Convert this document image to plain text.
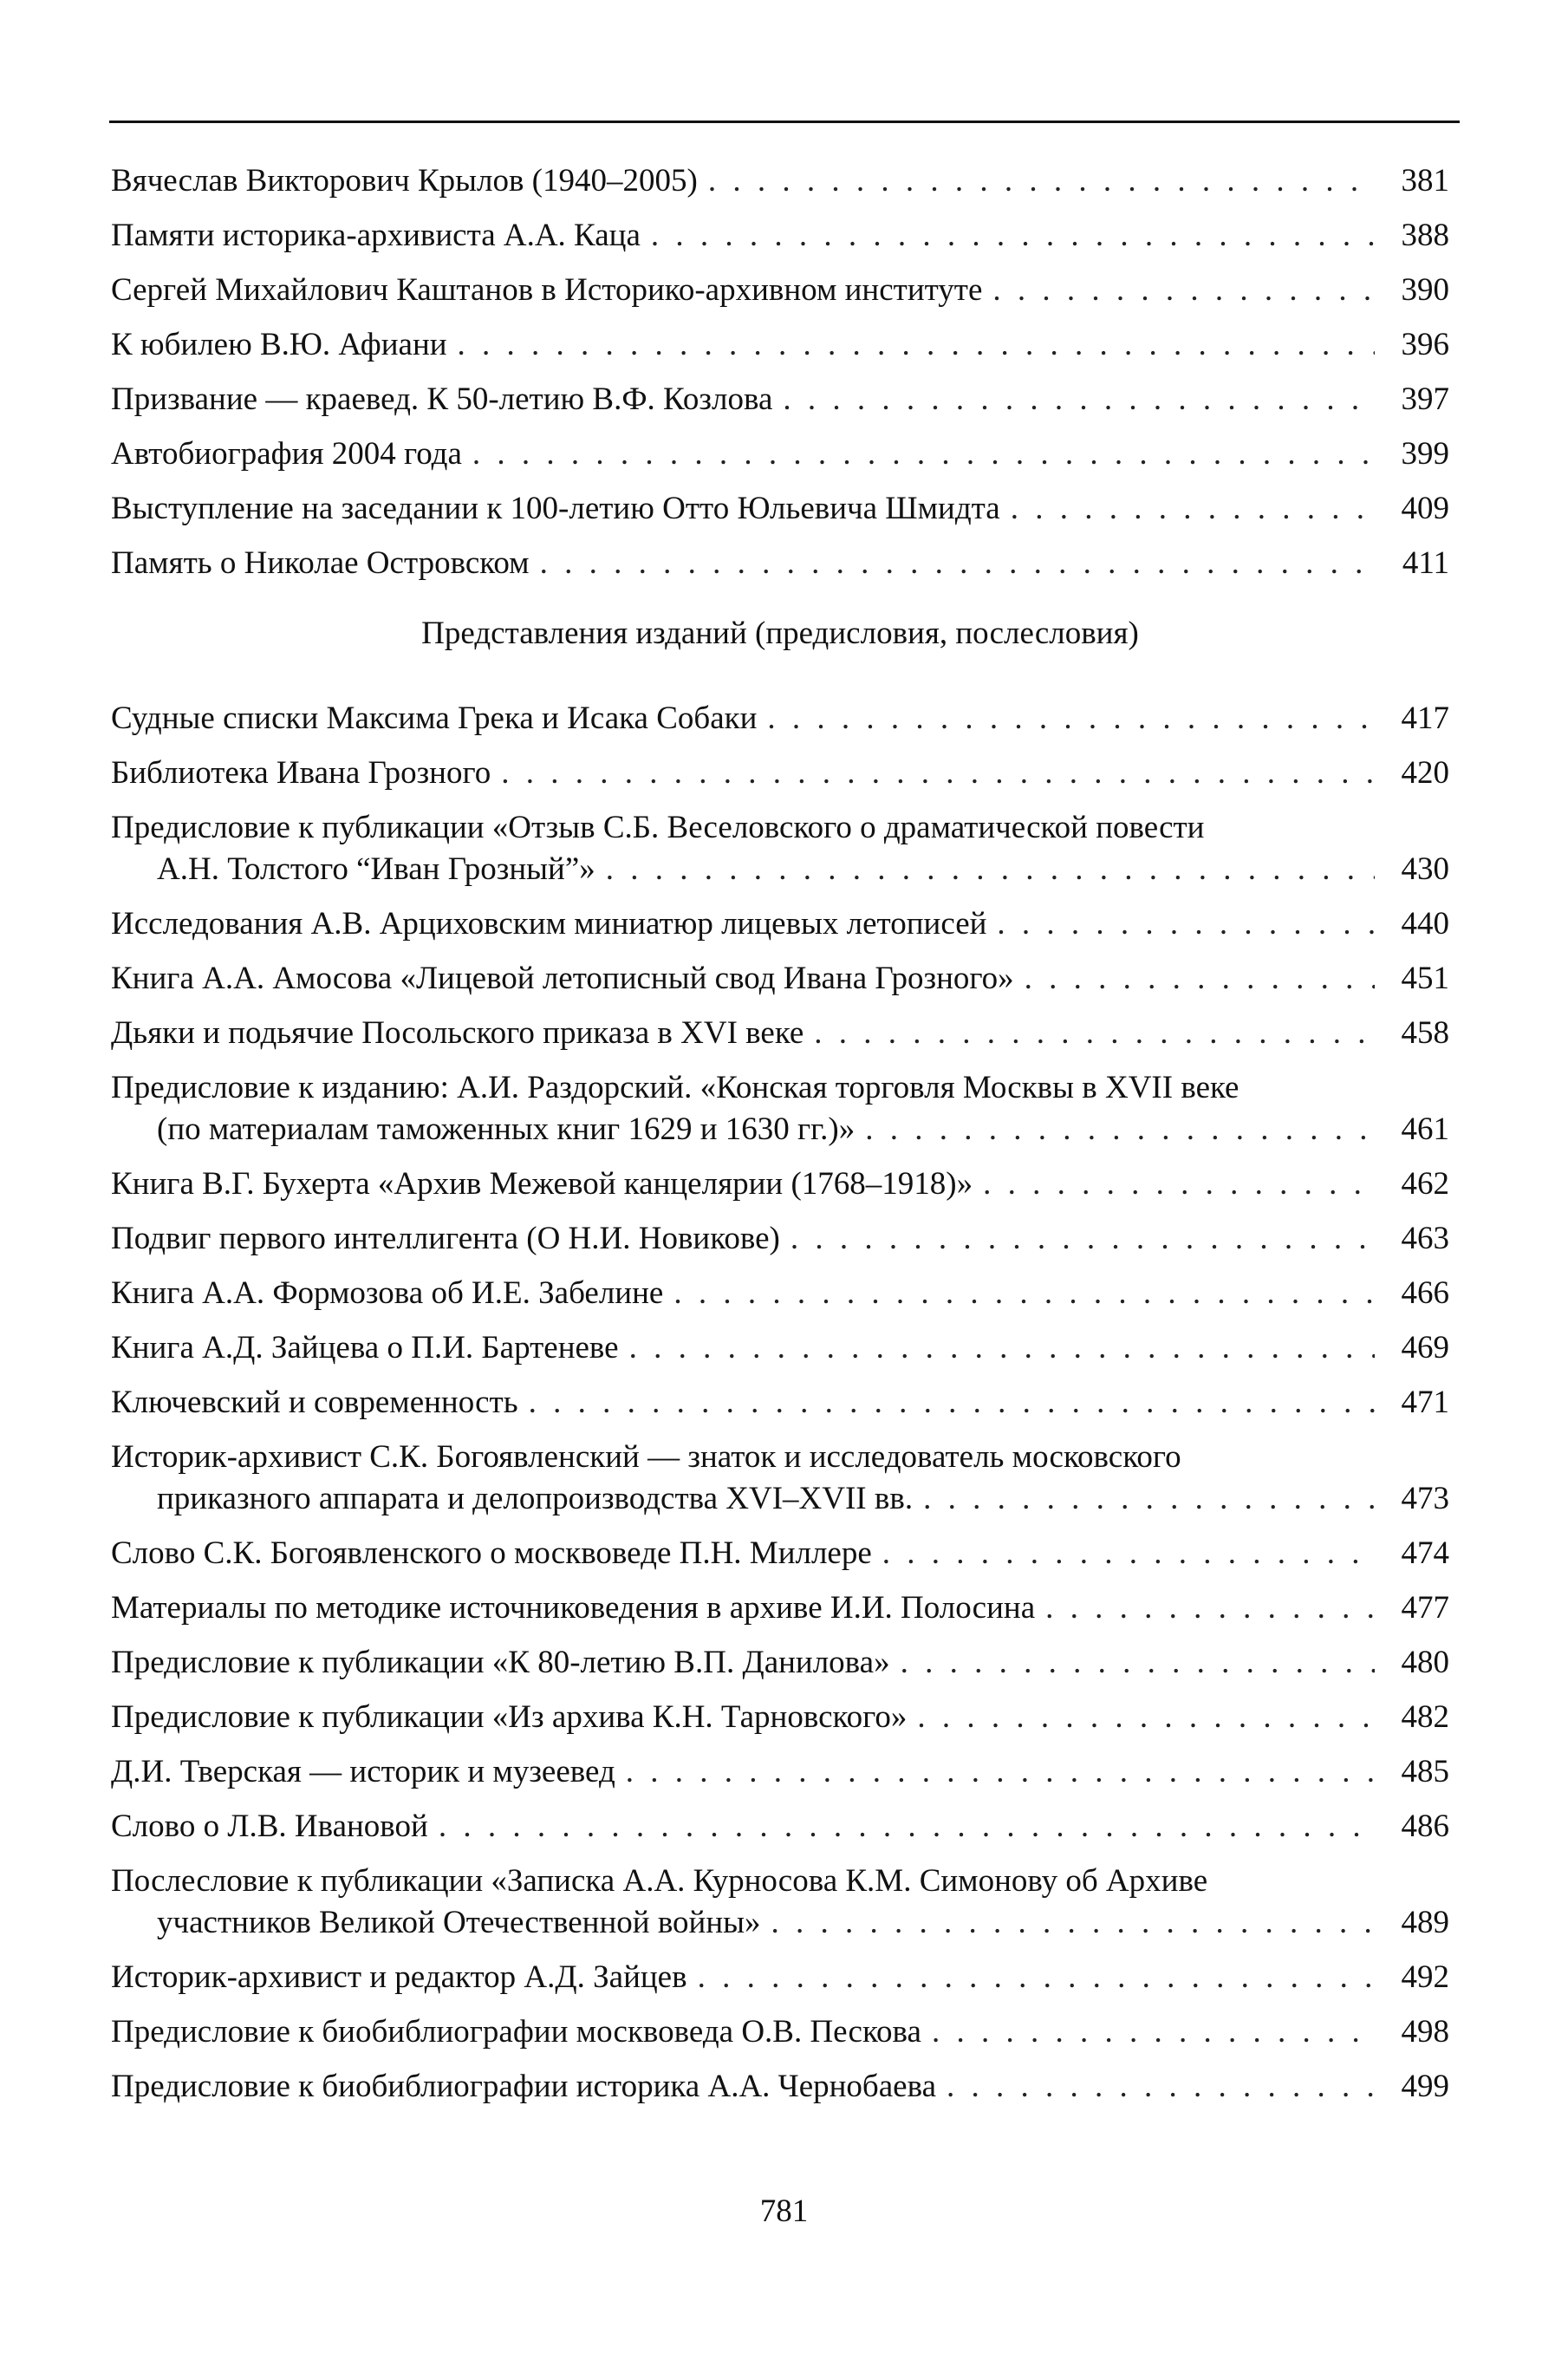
Вячеслав Викторович Крылов (1940–2005) . . .	381
Памяти историка-архивиста А.А. Каца . . .	388
Сергей Михайлович Каштанов в Историко-архивном институте . . .	390
К юбилею В.Ю. Афиани . . .	396
Призвание — краевед. К 50-летию В.Ф. Козлова . . .	397
Автобиография 2004 года . . .	399
Выступление на заседании к 100-летию Отто Юльевича Шмидта . . .	409
Память о Николае Островском . . .	411
Представления изданий (предисловия, послесловия)
Судные списки Максима Грека и Исака Собаки . . .	417
Библиотека Ивана Грозного . . .	420
Предисловие к публикации «Отзыв С.Б. Веселовского о драматической повести
А.Н. Толстого “Иван Грозный”» . . .	430
Исследования А.В. Арциховским миниатюр лицевых летописей . . .	440
Книга А.А. Амосова «Лицевой летописный свод Ивана Грозного» . . .	451
Дьяки и подьячие Посольского приказа в XVI веке . . .	458
Предисловие к изданию: А.И. Раздорский. «Конская торговля Москвы в XVII веке
(по материалам таможенных книг 1629 и 1630 гг.)» . . .	461
Книга В.Г. Бухерта «Архив Межевой канцелярии (1768–1918)» . . .	462
Подвиг первого интеллигента (О Н.И. Новикове) . . .	463
Книга А.А. Формозова об И.Е. Забелине . . .	466
Книга А.Д. Зайцева о П.И. Бартеневе . . .	469
Ключевский и современность . . .	471
Историк-архивист С.К. Богоявленский — знаток и исследователь московского
приказного аппарата и делопроизводства XVI–XVII вв. . . .	473
Слово С.К. Богоявленского о москвоведе П.Н. Миллере . . .	474
Материалы по методике источниковедения в архиве И.И. Полосина . . .	477
Предисловие к публикации «К 80-летию В.П. Данилова» . . .	480
Предисловие к публикации «Из архива К.Н. Тарновского» . . .	482
Д.И. Тверская — историк и музеевед . . .	485
Слово о Л.В. Ивановой . . .	486
Послесловие к публикации «Записка А.А. Курносова К.М. Симонову об Архиве
участников Великой Отечественной войны» . . .	489
Историк-архивист и редактор А.Д. Зайцев . . .	492
Предисловие к биобиблиографии москвоведа О.В. Пескова . . .	498
Предисловие к биобиблиографии историка А.А. Чернобаева . . .	499
781
